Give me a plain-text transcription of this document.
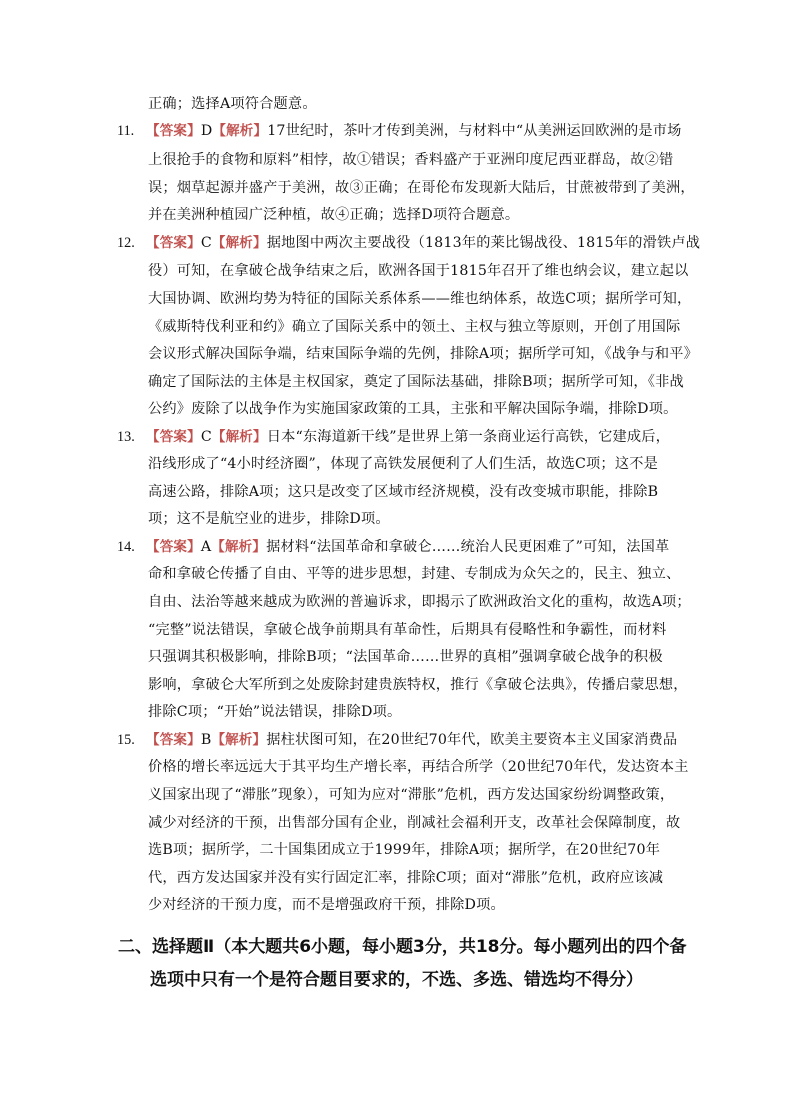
正确；选择A项符合题意。
11. 【答案】D【解析】17世纪时，茶叶才传到美洲，与材料中“从美洲运回欧洲的是市场
上很抢手的食物和原料”相悖，故①错误；香料盛产于亚洲印度尼西亚群岛，故②错
误；烟草起源并盛产于美洲，故③正确；在哥伦布发现新大陆后，甘蔗被带到了美洲，
并在美洲种植园广泛种植，故④正确；选择D项符合题意。
12. 【答案】C【解析】据地图中两次主要战役（1813年的莱比锡战役、1815年的滑铁卢战
役）可知，在拿破仑战争结束之后，欧洲各国于1815年召开了维也纳会议，建立起以
大国协调、欧洲均势为特征的国际关系体系——维也纳体系，故选C项；据所学可知，
《威斯特伐利亚和约》确立了国际关系中的领土、主权与独立等原则，开创了用国际
会议形式解决国际争端，结束国际争端的先例，排除A项；据所学可知，《战争与和平》
确定了国际法的主体是主权国家，奠定了国际法基础，排除B项；据所学可知，《非战
公约》废除了以战争作为实施国家政策的工具，主张和平解决国际争端，排除D项。
13. 【答案】C【解析】日本“东海道新干线”是世界上第一条商业运行高铁，它建成后，
沿线形成了“4小时经济圈”，体现了高铁发展便利了人们生活，故选C项；这不是
高速公路，排除A项；这只是改变了区域市经济规模，没有改变城市职能，排除B
项；这不是航空业的进步，排除D项。
14. 【答案】A【解析】据材料“法国革命和拿破仑……统治人民更困难了”可知，法国革
命和拿破仑传播了自由、平等的进步思想，封建、专制成为众矢之的，民主、独立、
自由、法治等越来越成为欧洲的普遍诉求，即揭示了欧洲政治文化的重构，故选A项；
“完整”说法错误，拿破仑战争前期具有革命性，后期具有侵略性和争霸性，而材料
只强调其积极影响，排除B项；“法国革命……世界的真相”强调拿破仑战争的积极
影响，拿破仑大军所到之处废除封建贵族特权，推行《拿破仑法典》，传播启蒙思想，
排除C项；“开始”说法错误，排除D项。
15. 【答案】B【解析】据柱状图可知，在20世纪70年代，欧美主要资本主义国家消费品
价格的增长率远远大于其平均生产增长率，再结合所学（20世纪70年代，发达资本主
义国家出现了“滞胀”现象），可知为应对“滞胀”危机，西方发达国家纷纷调整政策，
减少对经济的干预，出售部分国有企业，削减社会福利开支，改革社会保障制度，故
选B项；据所学，二十国集团成立于1999年，排除A项；据所学，在20世纪70年
代，西方发达国家并没有实行固定汇率，排除C项；面对“滞胀”危机，政府应该减
少对经济的干预力度，而不是增强政府干预，排除D项。
二、选择题Ⅱ（本大题共6小题，每小题3分，共18分。每小题列出的四个备
选项中只有一个是符合题目要求的，不选、多选、错选均不得分）
